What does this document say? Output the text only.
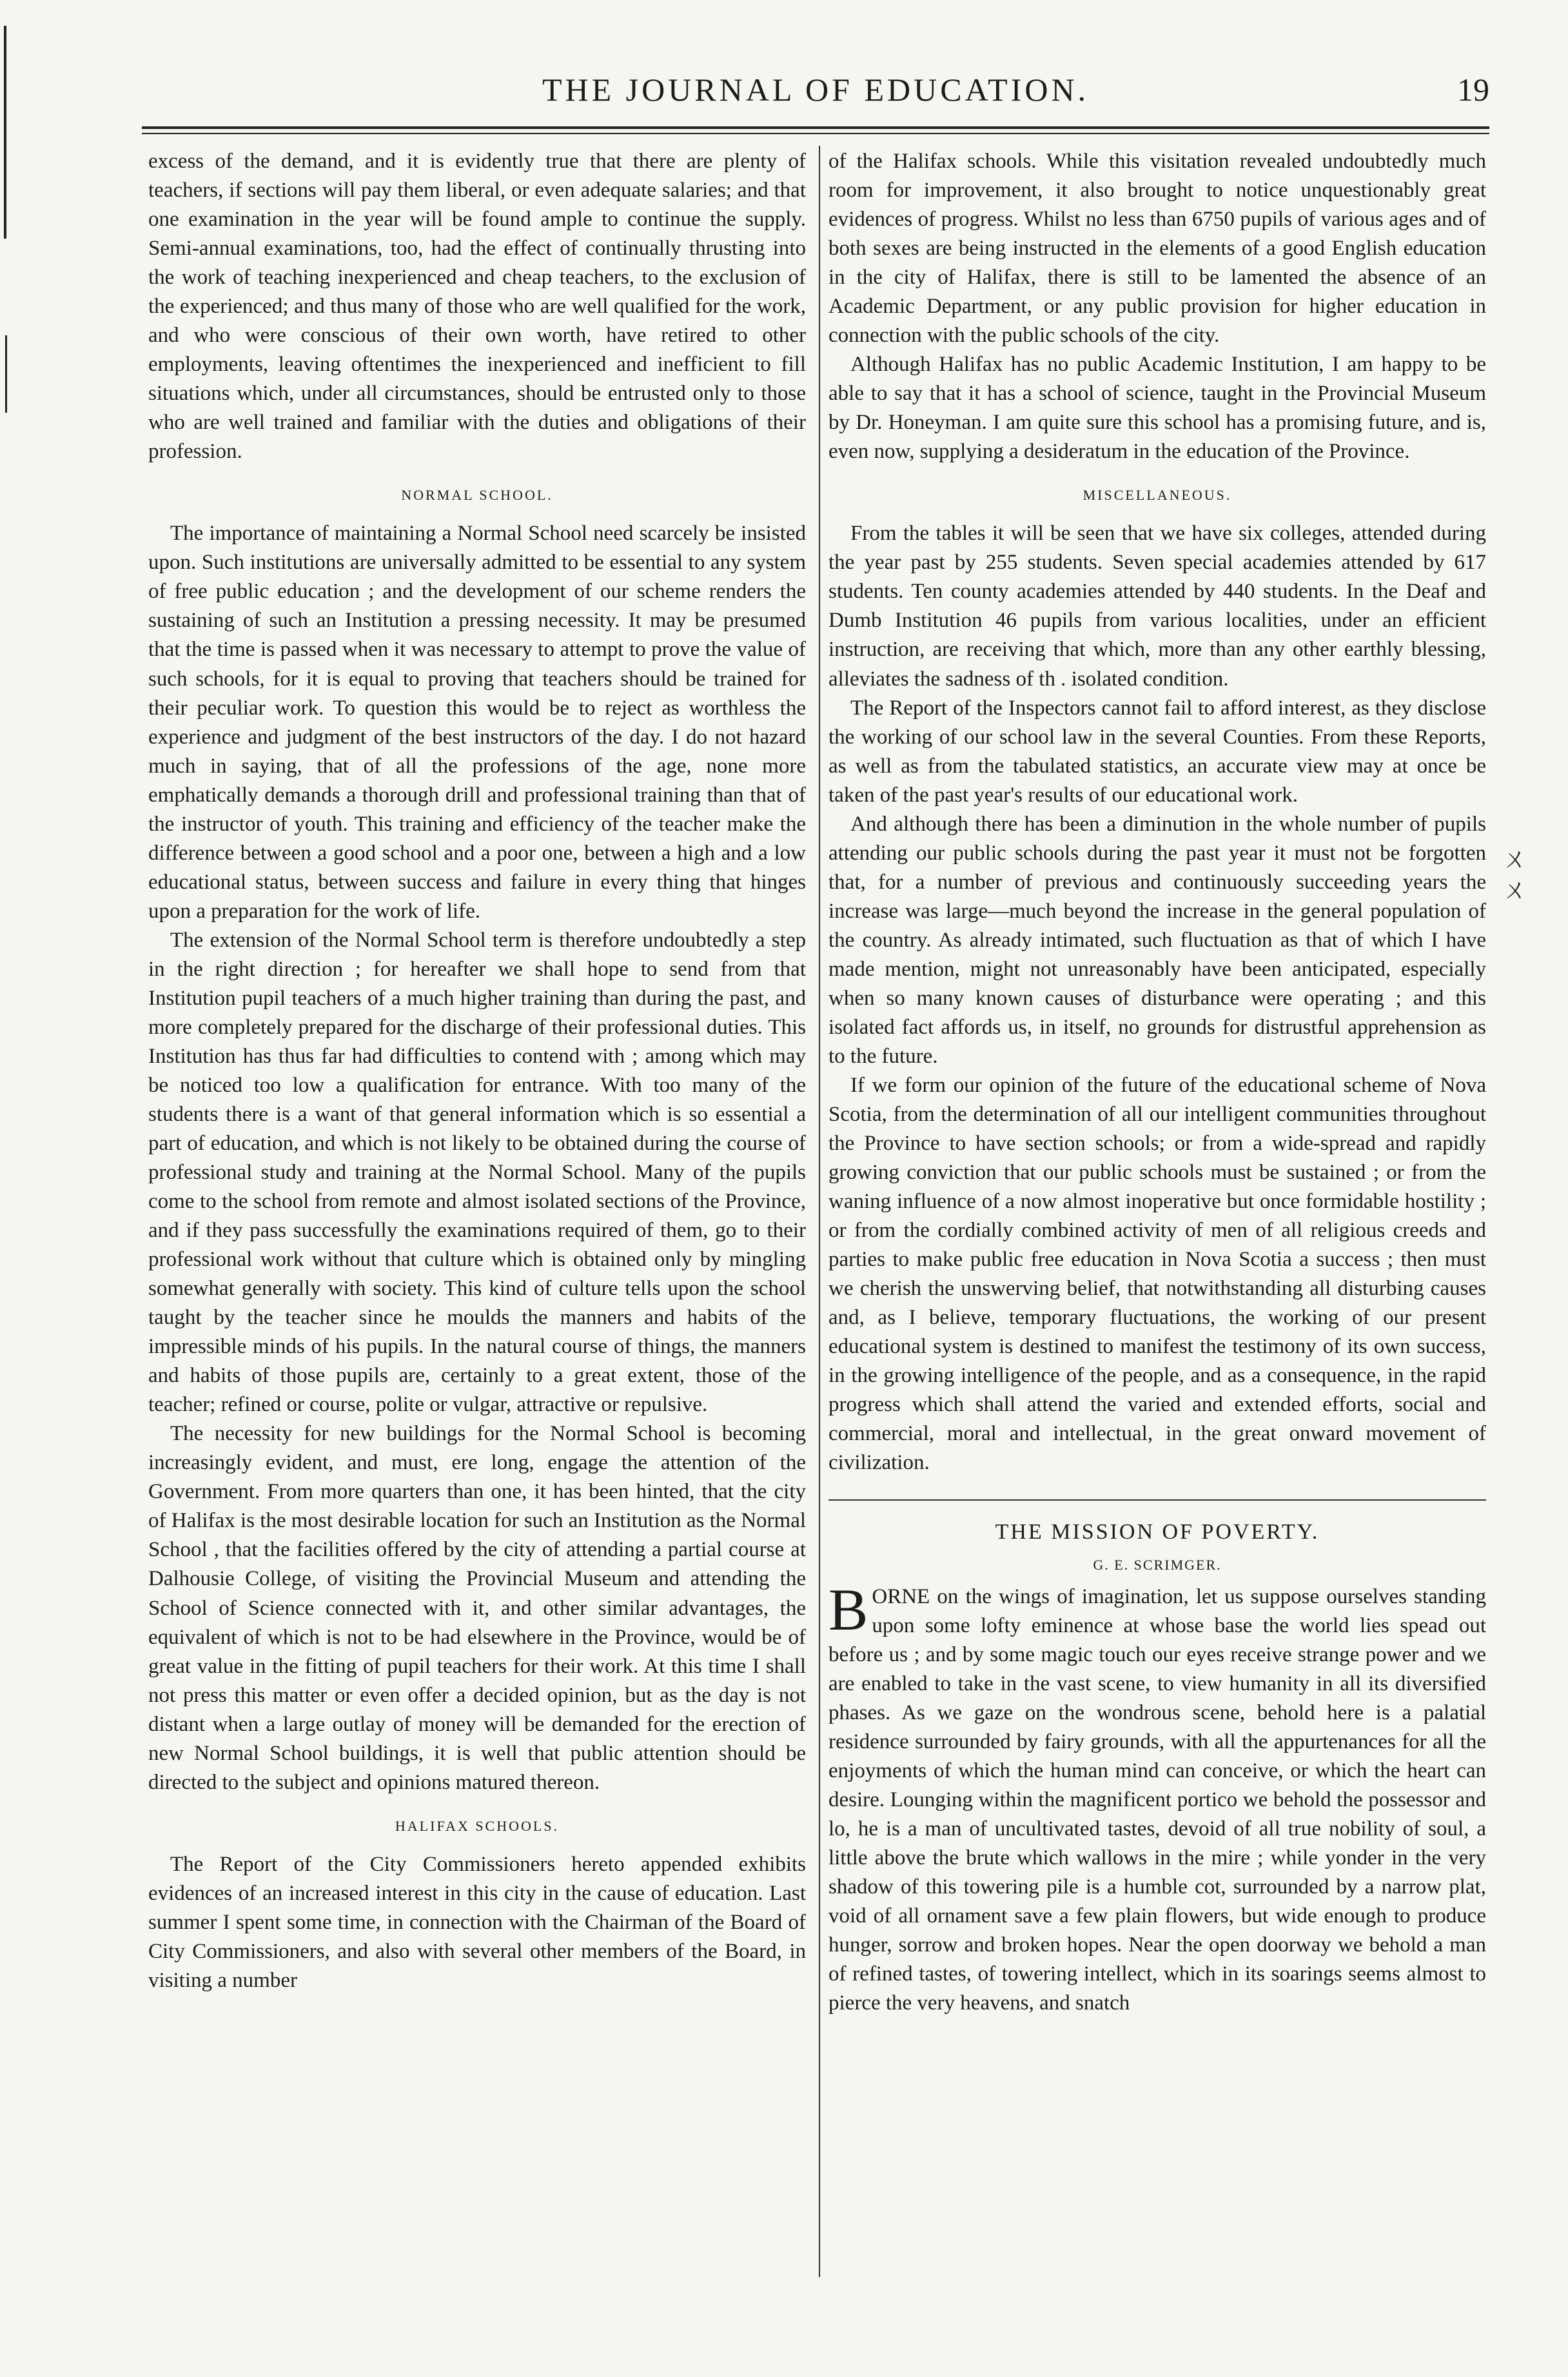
THE JOURNAL OF EDUCATION.	19

excess of the demand, and it is evidently true that there are plenty of teachers, if sections will pay them liberal, or even adequate salaries; and that one examination in the year will be found ample to continue the supply. Semi-annual examinations, too, had the effect of continually thrusting into the work of teaching inexperienced and cheap teachers, to the exclusion of the experienced; and thus many of those who are well qualified for the work, and who were conscious of their own worth, have retired to other employments, leaving oftentimes the inexperienced and inefficient to fill situations which, under all circumstances, should be entrusted only to those who are well trained and familiar with the duties and obligations of their profession.

NORMAL SCHOOL.

The importance of maintaining a Normal School need scarcely be insisted upon. Such institutions are universally admitted to be essential to any system of free public education ; and the development of our scheme renders the sustaining of such an Institution a pressing necessity. It may be presumed that the time is passed when it was necessary to attempt to prove the value of such schools, for it is equal to proving that teachers should be trained for their peculiar work. To question this would be to reject as worthless the experience and judgment of the best instructors of the day. I do not hazard much in saying, that of all the professions of the age, none more emphatically demands a thorough drill and professional training than that of the instructor of youth. This training and efficiency of the teacher make the difference between a good school and a poor one, between a high and a low educational status, between success and failure in every thing that hinges upon a preparation for the work of life.

The extension of the Normal School term is therefore undoubtedly a step in the right direction ; for hereafter we shall hope to send from that Institution pupil teachers of a much higher training than during the past, and more completely prepared for the discharge of their professional duties. This Institution has thus far had difficulties to contend with ; among which may be noticed too low a qualification for entrance. With too many of the students there is a want of that general information which is so essential a part of education, and which is not likely to be obtained during the course of professional study and training at the Normal School. Many of the pupils come to the school from remote and almost isolated sections of the Province, and if they pass successfully the examinations required of them, go to their professional work without that culture which is obtained only by mingling somewhat generally with society. This kind of culture tells upon the school taught by the teacher since he moulds the manners and habits of the impressible minds of his pupils. In the natural course of things, the manners and habits of those pupils are, certainly to a great extent, those of the teacher; refined or course, polite or vulgar, attractive or repulsive.

The necessity for new buildings for the Normal School is becoming increasingly evident, and must, ere long, engage the attention of the Government. From more quarters than one, it has been hinted, that the city of Halifax is the most desirable location for such an Institution as the Normal School , that the facilities offered by the city of attending a partial course at Dalhousie College, of visiting the Provincial Museum and attending the School of Science connected with it, and other similar advantages, the equivalent of which is not to be had elsewhere in the Province, would be of great value in the fitting of pupil teachers for their work. At this time I shall not press this matter or even offer a decided opinion, but as the day is not distant when a large outlay of money will be demanded for the erection of new Normal School buildings, it is well that public attention should be directed to the subject and opinions matured thereon.

HALIFAX SCHOOLS.

The Report of the City Commissioners hereto appended exhibits evidences of an increased interest in this city in the cause of education. Last summer I spent some time, in connection with the Chairman of the Board of City Commissioners, and also with several other members of the Board, in visiting a number

of the Halifax schools. While this visitation revealed undoubtedly much room for improvement, it also brought to notice unquestionably great evidences of progress. Whilst no less than 6750 pupils of various ages and of both sexes are being instructed in the elements of a good English education in the city of Halifax, there is still to be lamented the absence of an Academic Department, or any public provision for higher education in connection with the public schools of the city.

Although Halifax has no public Academic Institution, I am happy to be able to say that it has a school of science, taught in the Provincial Museum by Dr. Honeyman. I am quite sure this school has a promising future, and is, even now, supplying a desideratum in the education of the Province.

MISCELLANEOUS.

From the tables it will be seen that we have six colleges, attended during the year past by 255 students. Seven special academies attended by 617 students. Ten county academies attended by 440 students. In the Deaf and Dumb Institution 46 pupils from various localities, under an efficient instruction, are receiving that which, more than any other earthly blessing, alleviates the sadness of th . isolated condition.

The Report of the Inspectors cannot fail to afford interest, as they disclose the working of our school law in the several Counties. From these Reports, as well as from the tabulated statistics, an accurate view may at once be taken of the past year's results of our educational work.

And although there has been a diminution in the whole number of pupils attending our public schools during the past year it must not be forgotten that, for a number of previous and continuously succeeding years the increase was large—much beyond the increase in the general population of the country. As already intimated, such fluctuation as that of which I have made mention, might not unreasonably have been anticipated, especially when so many known causes of disturbance were operating ; and this isolated fact affords us, in itself, no grounds for distrustful apprehension as to the future.

If we form our opinion of the future of the educational scheme of Nova Scotia, from the determination of all our intelligent communities throughout the Province to have section schools; or from a wide-spread and rapidly growing conviction that our public schools must be sustained ; or from the waning influence of a now almost inoperative but once formidable hostility ; or from the cordially combined activity of men of all religious creeds and parties to make public free education in Nova Scotia a success ; then must we cherish the unswerving belief, that notwithstanding all disturbing causes and, as I believe, temporary fluctuations, the working of our present educational system is destined to manifest the testimony of its own success, in the growing intelligence of the people, and as a consequence, in the rapid progress which shall attend the varied and extended efforts, social and commercial, moral and intellectual, in the great onward movement of civilization.

THE MISSION OF POVERTY.
G. E. SCRIMGER.

BORNE on the wings of imagination, let us suppose ourselves standing upon some lofty eminence at whose base the world lies spead out before us ; and by some magic touch our eyes receive strange power and we are enabled to take in the vast scene, to view humanity in all its diversified phases. As we gaze on the wondrous scene, behold here is a palatial residence surrounded by fairy grounds, with all the appurtenances for all the enjoyments of which the human mind can conceive, or which the heart can desire. Lounging within the magnificent portico we behold the possessor and lo, he is a man of uncultivated tastes, devoid of all true nobility of soul, a little above the brute which wallows in the mire ; while yonder in the very shadow of this towering pile is a humble cot, surrounded by a narrow plat, void of all ornament save a few plain flowers, but wide enough to produce hunger, sorrow and broken hopes. Near the open doorway we behold a man of refined tastes, of towering intellect, which in its soarings seems almost to pierce the very heavens, and snatch

ㄨ
ㄨ
